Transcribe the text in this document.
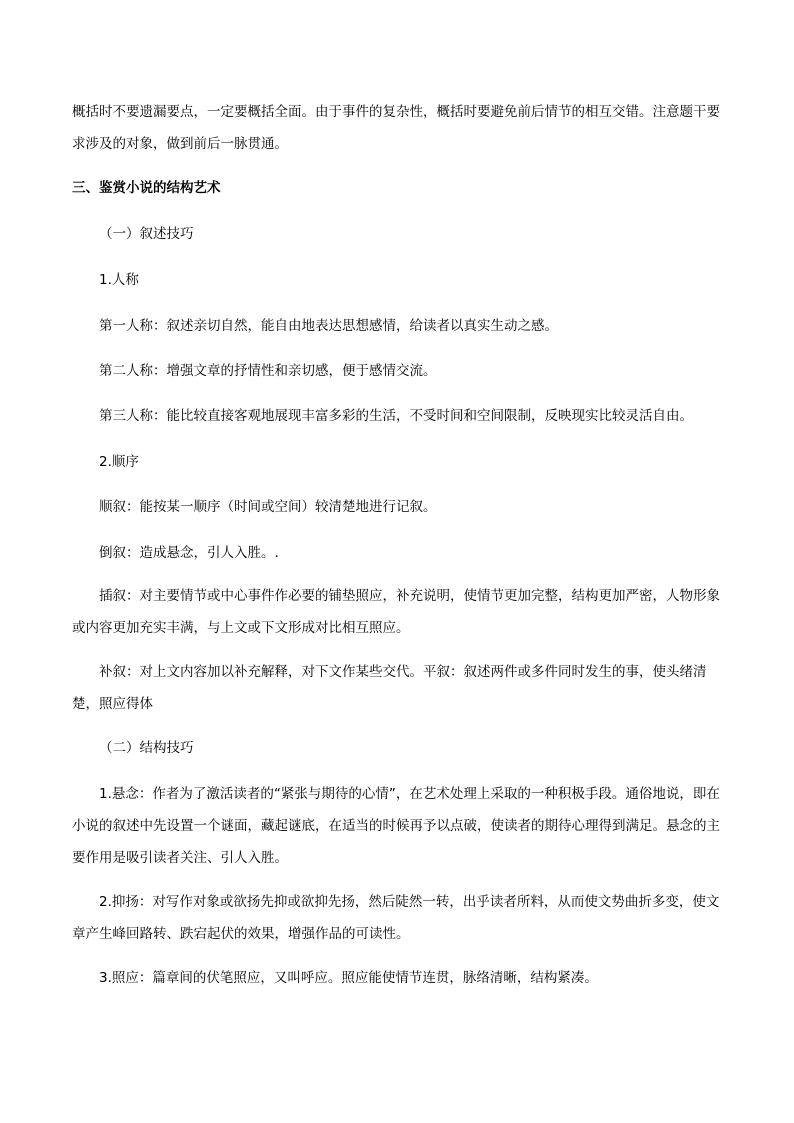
概括时不要遗漏要点，一定要概括全面。由于事件的复杂性，概括时要避免前后情节的相互交错。注意题干要求涉及的对象，做到前后一脉贯通。
三、鉴赏小说的结构艺术
（一）叙述技巧
1.人称
第一人称：叙述亲切自然，能自由地表达思想感情，给读者以真实生动之感。
第二人称：增强文章的抒情性和亲切感，便于感情交流。
第三人称：能比较直接客观地展现丰富多彩的生活，不受时间和空间限制，反映现实比较灵活自由。
2.顺序
顺叙：能按某一顺序（时间或空间）较清楚地进行记叙。
倒叙：造成悬念，引人入胜。.
插叙：对主要情节或中心事件作必要的铺垫照应，补充说明，使情节更加完整，结构更加严密，人物形象或内容更加充实丰满，与上文或下文形成对比相互照应。
补叙：对上文内容加以补充解释，对下文作某些交代。平叙：叙述两件或多件同时发生的事，使头绪清楚，照应得体
（二）结构技巧
1.悬念：作者为了激活读者的“紧张与期待的心情”，在艺术处理上采取的一种积极手段。通俗地说，即在小说的叙述中先设置一个谜面，藏起谜底，在适当的时候再予以点破，使读者的期待心理得到满足。悬念的主要作用是吸引读者关注、引人入胜。
2.抑扬：对写作对象或欲扬先抑或欲抑先扬，然后陡然一转，出乎读者所料，从而使文势曲折多变，使文章产生峰回路转、跌宕起伏的效果，增强作品的可读性。
3.照应：篇章间的伏笔照应，又叫呼应。照应能使情节连贯，脉络清晰，结构紧凑。
